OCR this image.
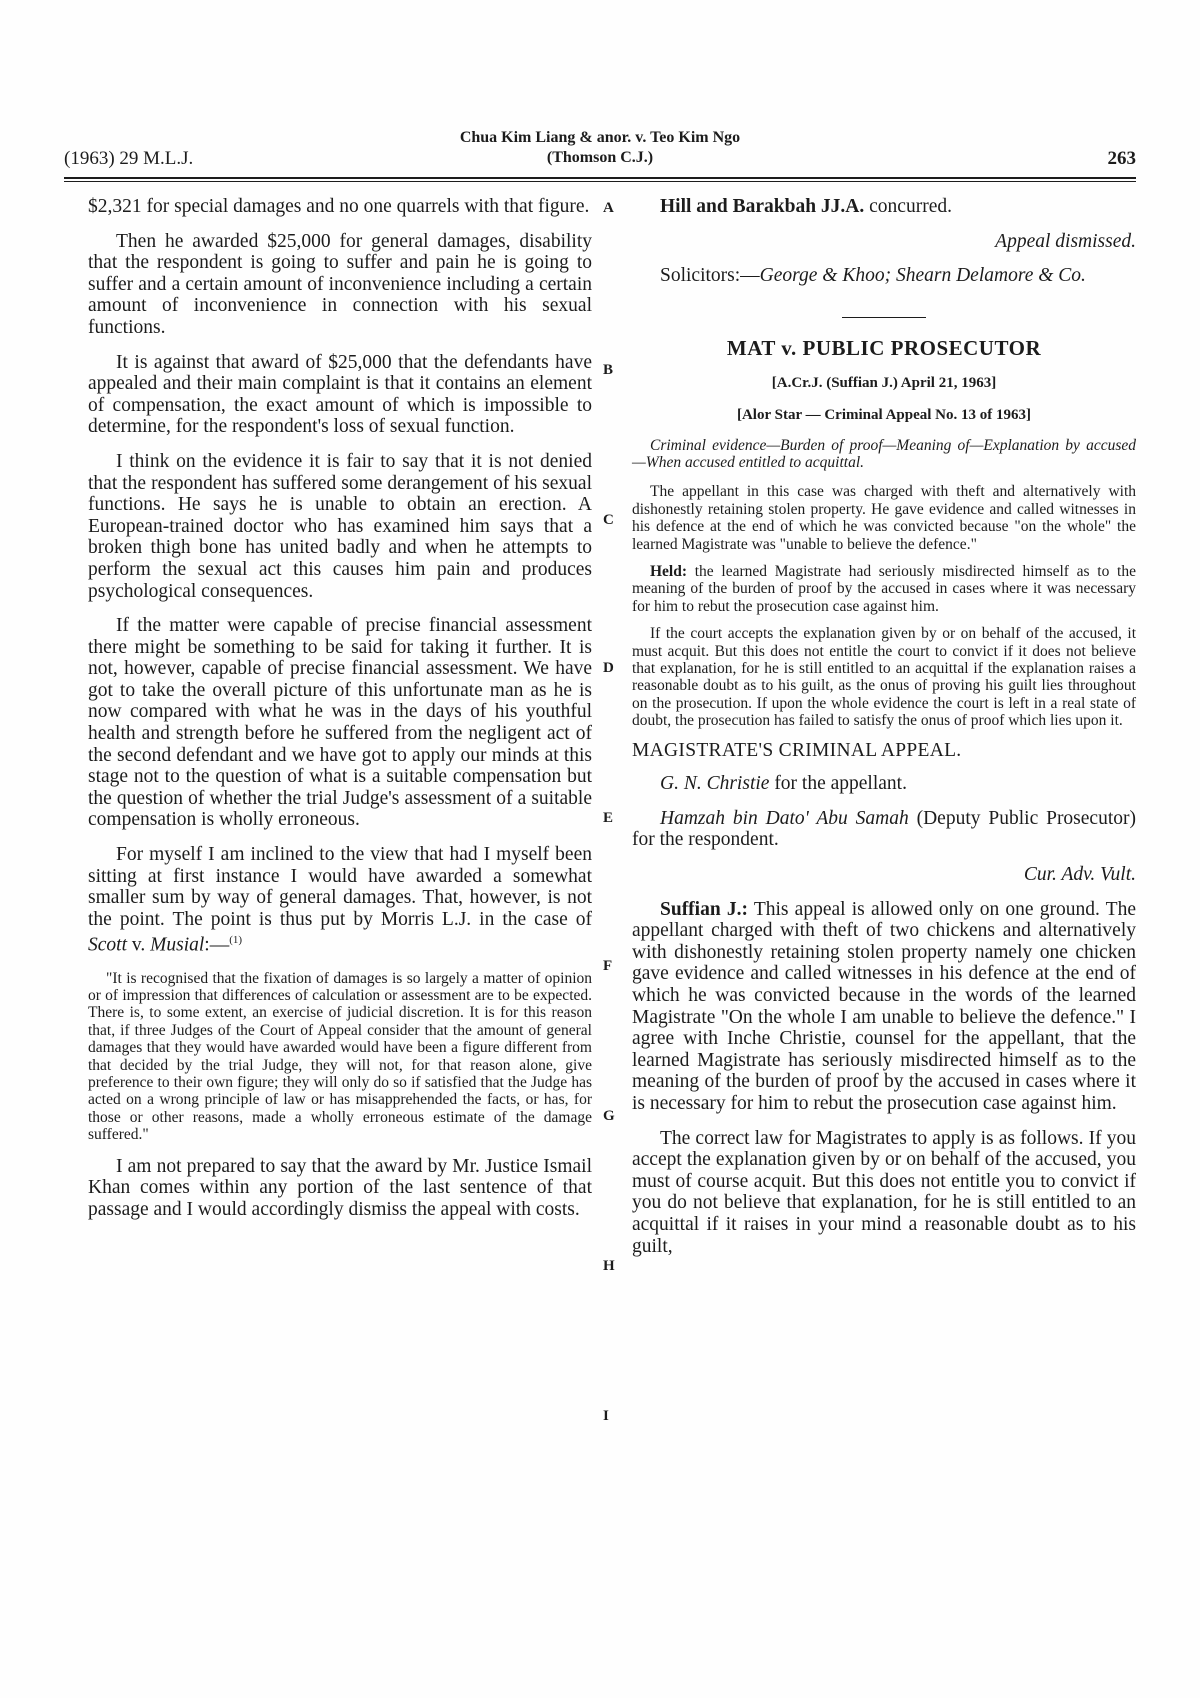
(1963) 29 M.L.J.
Chua Kim Liang & anor. v. Teo Kim Ngo
(Thomson C.J.)	263

$2,321 for special damages and no one quarrels with that figure.

Then he awarded $25,000 for general damages, disability that the respondent is going to suffer and pain he is going to suffer and a certain amount of inconvenience including a certain amount of inconvenience in connection with his sexual functions.

It is against that award of $25,000 that the defendants have appealed and their main complaint is that it contains an element of compensation, the exact amount of which is impossible to determine, for the respondent's loss of sexual function.

I think on the evidence it is fair to say that it is not denied that the respondent has suffered some derangement of his sexual functions. He says he is unable to obtain an erection. A European-trained doctor who has examined him says that a broken thigh bone has united badly and when he attempts to perform the sexual act this causes him pain and produces psychological consequences.

If the matter were capable of precise financial assessment there might be something to be said for taking it further. It is not, however, capable of precise financial assessment. We have got to take the overall picture of this unfortunate man as he is now compared with what he was in the days of his youthful health and strength before he suffered from the negligent act of the second defendant and we have got to apply our minds at this stage not to the question of what is a suitable compensation but the question of whether the trial Judge's assessment of a suitable compensation is wholly erroneous.

For myself I am inclined to the view that had I myself been sitting at first instance I would have awarded a somewhat smaller sum by way of general damages. That, however, is not the point. The point is thus put by Morris L.J. in the case of Scott v. Musial:—$^{(1)}$

"It is recognised that the fixation of damages is so largely a matter of opinion or of impression that differences of calculation or assessment are to be expected. There is, to some extent, an exercise of judicial discretion. It is for this reason that, if three Judges of the Court of Appeal consider that the amount of general damages that they would have awarded would have been a figure different from that decided by the trial Judge, they will not, for that reason alone, give preference to their own figure; they will only do so if satisfied that the Judge has acted on a wrong principle of law or has misapprehended the facts, or has, for those or other reasons, made a wholly erroneous estimate of the damage suffered."

I am not prepared to say that the award by Mr. Justice Ismail Khan comes within any portion of the last sentence of that passage and I would accordingly dismiss the appeal with costs.

Hill and Barakbah JJ.A. concurred.

Appeal dismissed.

Solicitors:—George & Khoo; Shearn Delamore & Co.

MAT v. PUBLIC PROSECUTOR
[A.Cr.J. (Suffian J.) April 21, 1963]
[Alor Star — Criminal Appeal No. 13 of 1963]

Criminal evidence—Burden of proof—Meaning of—Explanation by accused—When accused entitled to acquittal.

The appellant in this case was charged with theft and alternatively with dishonestly retaining stolen property. He gave evidence and called witnesses in his defence at the end of which he was convicted because "on the whole" the learned Magistrate was "unable to believe the defence."

Held: the learned Magistrate had seriously misdirected himself as to the meaning of the burden of proof by the accused in cases where it was necessary for him to rebut the prosecution case against him.

If the court accepts the explanation given by or on behalf of the accused, it must acquit. But this does not entitle the court to convict if it does not believe that explanation, for he is still entitled to an acquittal if the explanation raises a reasonable doubt as to his guilt, as the onus of proving his guilt lies throughout on the prosecution. If upon the whole evidence the court is left in a real state of doubt, the prosecution has failed to satisfy the onus of proof which lies upon it.

MAGISTRATE'S CRIMINAL APPEAL.

G. N. Christie for the appellant.

Hamzah bin Dato' Abu Samah (Deputy Public Prosecutor) for the respondent.

Cur. Adv. Vult.

Suffian J.: This appeal is allowed only on one ground. The appellant charged with theft of two chickens and alternatively with dishonestly retaining stolen property namely one chicken gave evidence and called witnesses in his defence at the end of which he was convicted because in the words of the learned Magistrate "On the whole I am unable to believe the defence." I agree with Inche Christie, counsel for the appellant, that the learned Magistrate has seriously misdirected himself as to the meaning of the burden of proof by the accused in cases where it is necessary for him to rebut the prosecution case against him.

The correct law for Magistrates to apply is as follows. If you accept the explanation given by or on behalf of the accused, you must of course acquit. But this does not entitle you to convict if you do not believe that explanation, for he is still entitled to an acquittal if it raises in your mind a reasonable doubt as to his guilt,

A
B
C
D
E
F
G
H
I
